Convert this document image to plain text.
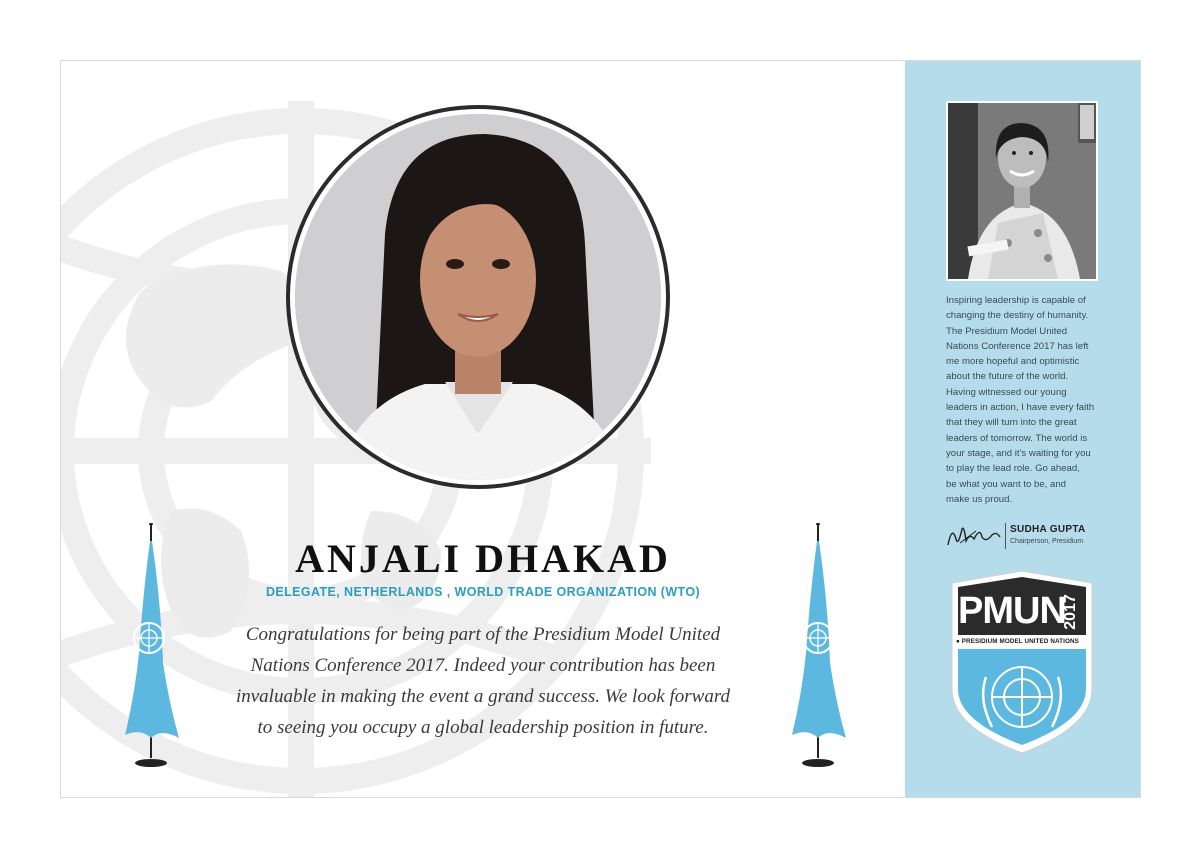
ANJALI DHAKAD
DELEGATE, NETHERLANDS , WORLD TRADE ORGANIZATION (WTO)
Congratulations for being part of the Presidium Model United
Nations Conference 2017. Indeed your contribution has been
invaluable in making the event a grand success. We look forward
to seeing you occupy a global leadership position in future.
Inspiring leadership is capable of
changing the destiny of humanity.
The Presidium Model United
Nations Conference 2017 has left
me more hopeful and optimistic
about the future of the world.
Having witnessed our young
leaders in action, I have every faith
that they will turn into the great
leaders of tomorrow. The world is
your stage, and it's waiting for you
to play the lead role. Go ahead,
be what you want to be, and
make us proud.
SUDHA GUPTA
Chairperson, Presidium
PMUN
2017
● PRESIDIUM MODEL UNITED NATIONS
